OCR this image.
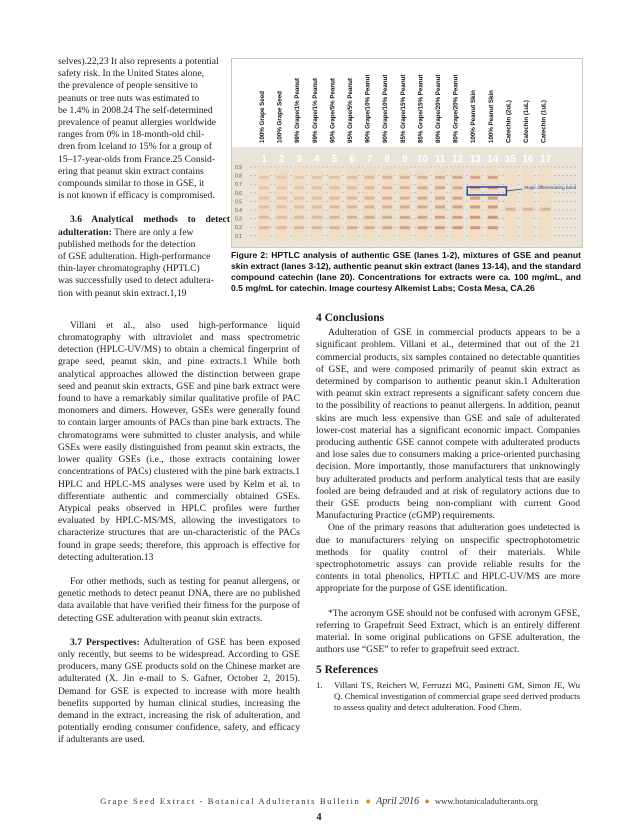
selves).22,23 It also represents a potential
safety risk. In the United States alone,
the prevalence of people sensitive to
peanuts or tree nuts was estimated to
be 1.4% in 2008.24 The self-determined
prevalence of peanut allergies worldwide
ranges from 0% in 18-month-old chil-
dren from Iceland to 15% for a group of
15–17-year-olds from France.25 Consid-
ering that peanut skin extract contains
compounds similar to those in GSE, it
is not known if efficacy is compromised.
3.6 Analytical methods to detect adulteration: There are only a few
published methods for the detection
of GSE adulteration. High-performance
thin-layer chromatography (HPTLC)
was successfully used to detect adultera-
tion with peanut skin extract.1,19

Villani et al., also used high-performance liquid chromatography with ultraviolet and mass spectrometric detection (HPLC-UV/MS) to obtain a chemical fingerprint of grape seed, peanut skin, and pine extracts.1 While both analytical approaches allowed the distinction between grape seed and peanut skin extracts, GSE and pine bark extract were found to have a remarkably similar qualitative profile of PAC monomers and dimers. However, GSEs were generally found to contain larger amounts of PACs than pine bark extracts. The chromatograms were submitted to cluster analysis, and while GSEs were easily distinguished from peanut skin extracts, the lower quality GSEs (i.e., those extracts containing lower concentrations of PACs) clustered with the pine bark extracts.1 HPLC and HPLC-MS analyses were used by Kelm et al. to differentiate authentic and commercially obtained GSEs. Atypical peaks observed in HPLC profiles were further evaluated by HPLC-MS/MS, allowing the investigators to characterize structures that are un-characteristic of the PACs found in grape seeds; therefore, this approach is effective for detecting adulteration.13

For other methods, such as testing for peanut allergens, or genetic methods to detect peanut DNA, there are no published data available that have verified their fitness for the purpose of detecting GSE adulteration with peanut skin extracts.

3.7 Perspectives: Adulteration of GSE has been exposed only recently, but seems to be widespread. According to GSE producers, many GSE products sold on the Chinese market are adulterated (X. Jin e-mail to S. Gafner, October 2, 2015). Demand for GSE is expected to increase with more health benefits supported by human clinical studies, increasing the demand in the extract, increasing the risk of adulteration, and potentially eroding consumer confidence, safety, and efficacy if adulterants are used.

100% Grape Seed 100% Grape Seed 99% Grape/1% Peanut 99% Grape/1% Peanut 95% Grape/5% Peanut 95% Grape/5% Peanut 90% Grape/10% Peanut 90% Grape/10% Peanut 85% Grape/15% Peanut 85% Grape/15% Peanut 80% Grape/20% Peanut 80% Grape/20% Peanut 100% Peanut Skin 100% Peanut Skin Catechin (2uL) Catechin (1uL) Catechin (1uL)
0.9
0.8
0.7
0.6
0.5
0.4
0.3
0.2
0.1
1 2 3 4 5 6 7 8 9 10 11 12 13 14 15 16 17
Major differentiating band
Figure 2: HPTLC analysis of authentic GSE (lanes 1-2), mixtures of GSE and peanut skin extract (lanes 3-12), authentic peanut skin extract (lanes 13-14), and the standard compound catechin (lane 20). Concentrations for extracts were ca. 100 mg/mL, and 0.5 mg/mL for catechin. Image courtesy Alkemist Labs; Costa Mesa, CA.26
4 Conclusions

Adulteration of GSE in commercial products appears to be a significant problem. Villani et al., determined that out of the 21 commercial products, six samples contained no detectable quantities of GSE, and were composed primarily of peanut skin extract as determined by comparison to authentic peanut skin.1 Adulteration with peanut skin extract represents a significant safety concern due to the possibility of reactions to peanut allergens. In addition, peanut skins are much less expensive than GSE and sale of adulterated lower-cost material has a significant economic impact. Companies producing authentic GSE cannot compete with adulterated products and lose sales due to consumers making a price-oriented purchasing decision. More importantly, those manufacturers that unknowingly buy adulterated products and perform analytical tests that are easily fooled are being defrauded and at risk of regulatory actions due to their GSE products being non-compliant with current Good Manufacturing Practice (cGMP) requirements.

One of the primary reasons that adulteration goes undetected is due to manufacturers relying on unspecific spectrophotometric methods for quality control of their materials. While spectrophotometric assays can provide reliable results for the contents in total phenolics, HPTLC and HPLC-UV/MS are more appropriate for the purpose of GSE identification.

*The acronym GSE should not be confused with acronym GFSE, referring to Grapefruit Seed Extract, which is an entirely different material. In some original publications on GFSE adulteration, the authors use “GSE” to refer to grapefruit seed extract.

5 References
1.	Villani TS, Reichert W, Ferruzzi MG, Pasinetti GM, Simon JE, Wu Q. Chemical investigation of commercial grape seed derived products to assess quality and detect adulteration. Food Chem.
Grape Seed Extract - Botanical Adulterants Bulletin ● April 2016 ● www.botanicaladulterants.org
4
